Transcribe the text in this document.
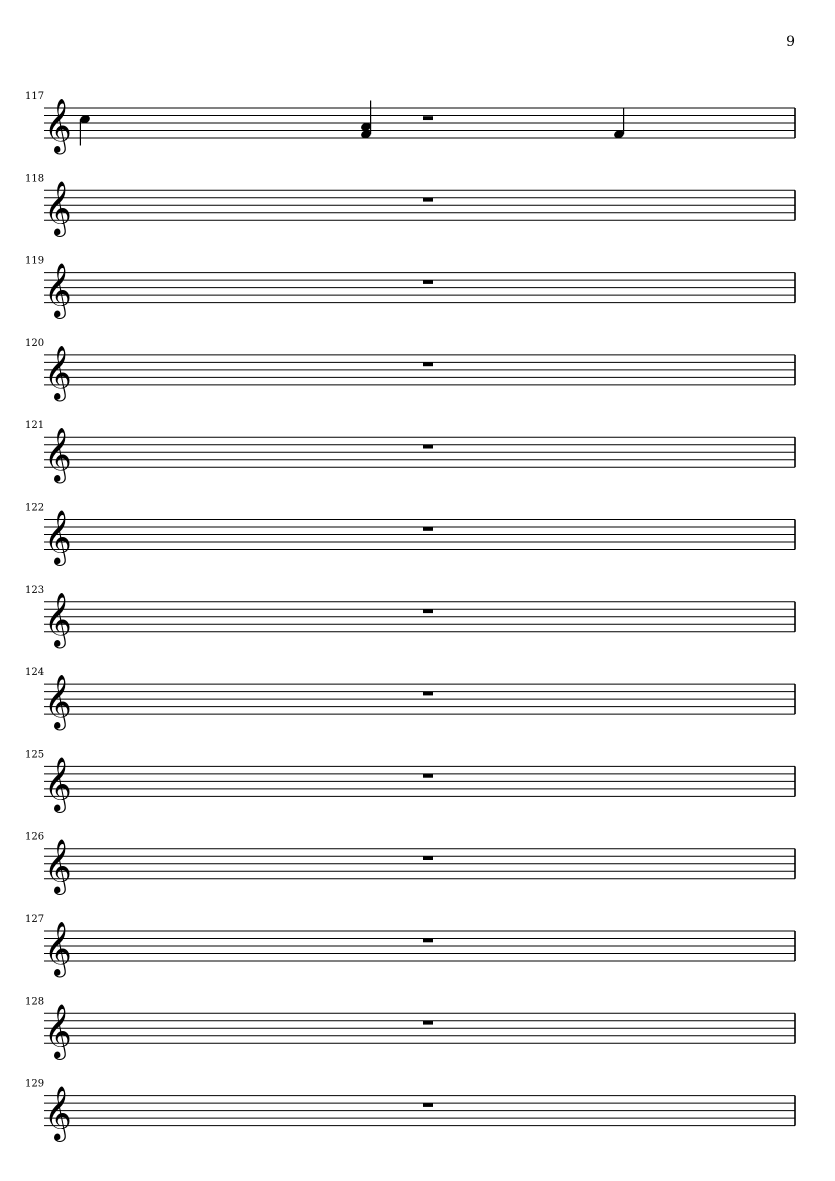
9
117
𝄞
118
𝄞
119
𝄞
120
𝄞
121
𝄞
122
𝄞
123
𝄞
124
𝄞
125
𝄞
126
𝄞
127
𝄞
128
𝄞
129
𝄞
